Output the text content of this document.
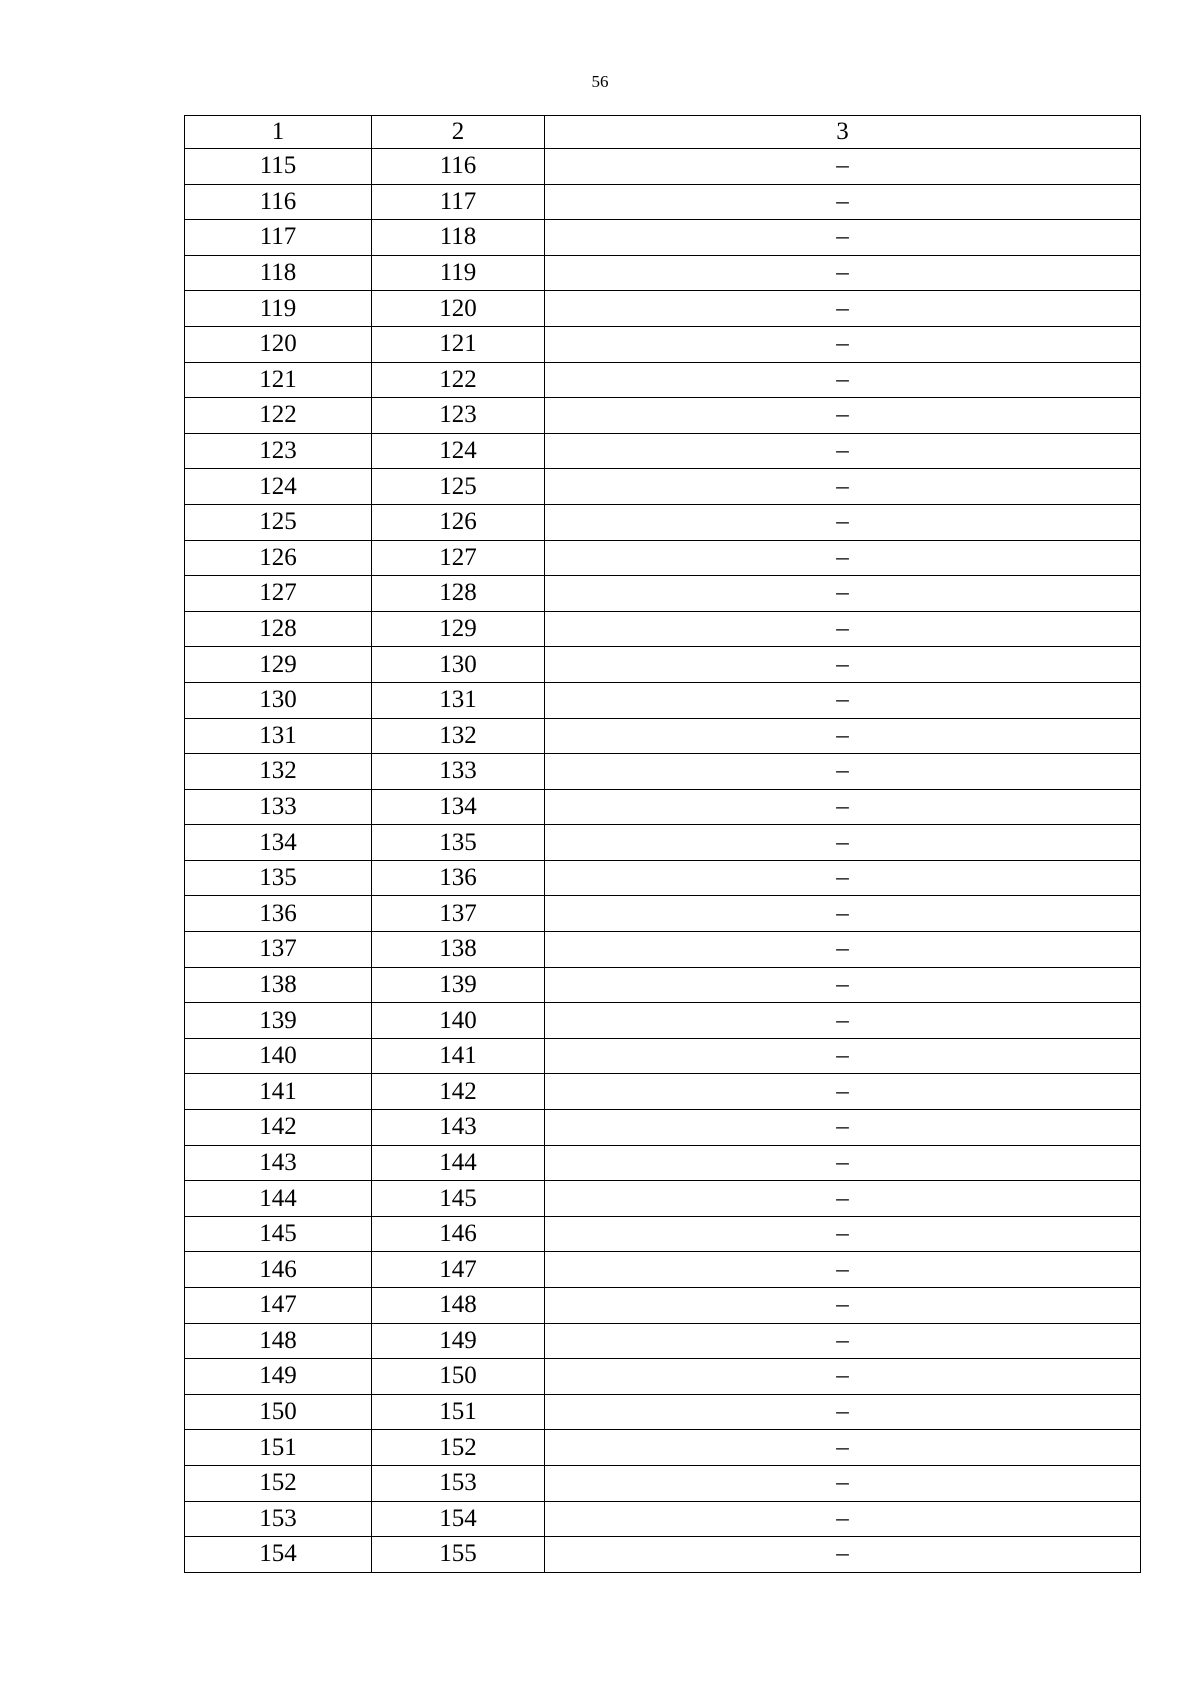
56
1	2	3
115	116	–
116	117	–
117	118	–
118	119	–
119	120	–
120	121	–
121	122	–
122	123	–
123	124	–
124	125	–
125	126	–
126	127	–
127	128	–
128	129	–
129	130	–
130	131	–
131	132	–
132	133	–
133	134	–
134	135	–
135	136	–
136	137	–
137	138	–
138	139	–
139	140	–
140	141	–
141	142	–
142	143	–
143	144	–
144	145	–
145	146	–
146	147	–
147	148	–
148	149	–
149	150	–
150	151	–
151	152	–
152	153	–
153	154	–
154	155	–
